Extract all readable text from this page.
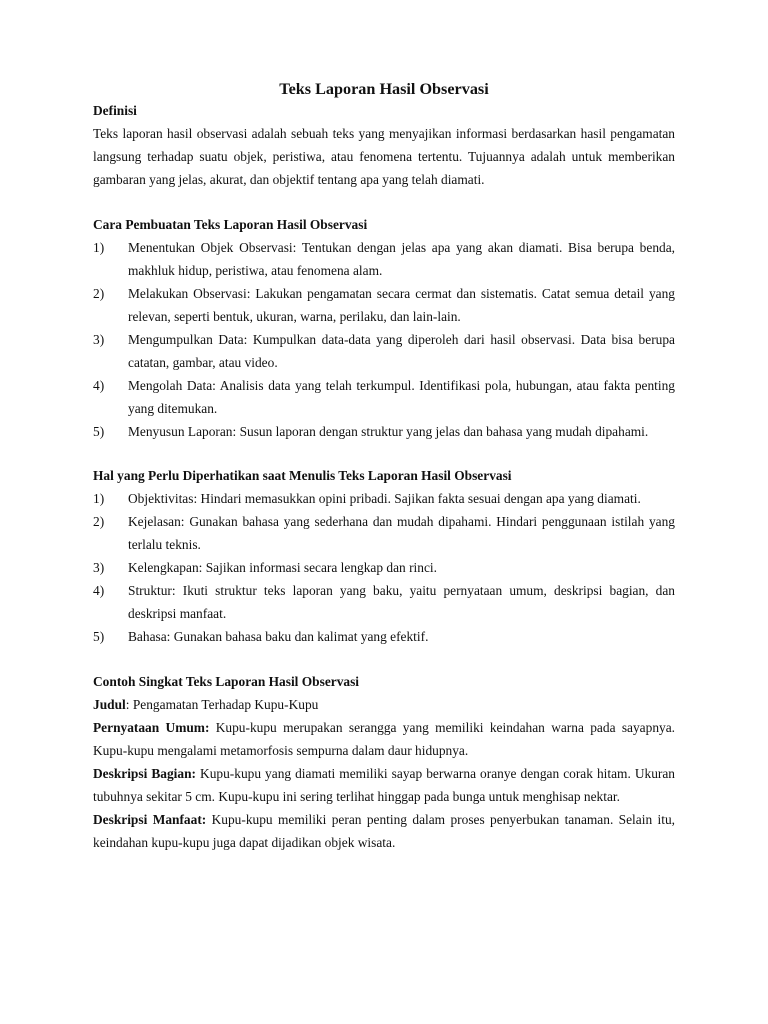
Teks Laporan Hasil Observasi
Definisi

Teks laporan hasil observasi adalah sebuah teks yang menyajikan informasi berdasarkan hasil pengamatan langsung terhadap suatu objek, peristiwa, atau fenomena tertentu. Tujuannya adalah untuk memberikan gambaran yang jelas, akurat, dan objektif tentang apa yang telah diamati.

Cara Pembuatan Teks Laporan Hasil Observasi
1) Menentukan Objek Observasi: Tentukan dengan jelas apa yang akan diamati. Bisa berupa benda, makhluk hidup, peristiwa, atau fenomena alam.
2) Melakukan Observasi: Lakukan pengamatan secara cermat dan sistematis. Catat semua detail yang relevan, seperti bentuk, ukuran, warna, perilaku, dan lain-lain.
3) Mengumpulkan Data: Kumpulkan data-data yang diperoleh dari hasil observasi. Data bisa berupa catatan, gambar, atau video.
4) Mengolah Data: Analisis data yang telah terkumpul. Identifikasi pola, hubungan, atau fakta penting yang ditemukan.
5) Menyusun Laporan: Susun laporan dengan struktur yang jelas dan bahasa yang mudah dipahami.
Hal yang Perlu Diperhatikan saat Menulis Teks Laporan Hasil Observasi
1) Objektivitas: Hindari memasukkan opini pribadi. Sajikan fakta sesuai dengan apa yang diamati.
2) Kejelasan: Gunakan bahasa yang sederhana dan mudah dipahami. Hindari penggunaan istilah yang terlalu teknis.
3) Kelengkapan: Sajikan informasi secara lengkap dan rinci.
4) Struktur: Ikuti struktur teks laporan yang baku, yaitu pernyataan umum, deskripsi bagian, dan deskripsi manfaat.
5) Bahasa: Gunakan bahasa baku dan kalimat yang efektif.
Contoh Singkat Teks Laporan Hasil Observasi

Judul: Pengamatan Terhadap Kupu-Kupu

Pernyataan Umum: Kupu-kupu merupakan serangga yang memiliki keindahan warna pada sayapnya. Kupu-kupu mengalami metamorfosis sempurna dalam daur hidupnya.

Deskripsi Bagian: Kupu-kupu yang diamati memiliki sayap berwarna oranye dengan corak hitam. Ukuran tubuhnya sekitar 5 cm. Kupu-kupu ini sering terlihat hinggap pada bunga untuk menghisap nektar.

Deskripsi Manfaat: Kupu-kupu memiliki peran penting dalam proses penyerbukan tanaman. Selain itu, keindahan kupu-kupu juga dapat dijadikan objek wisata.
